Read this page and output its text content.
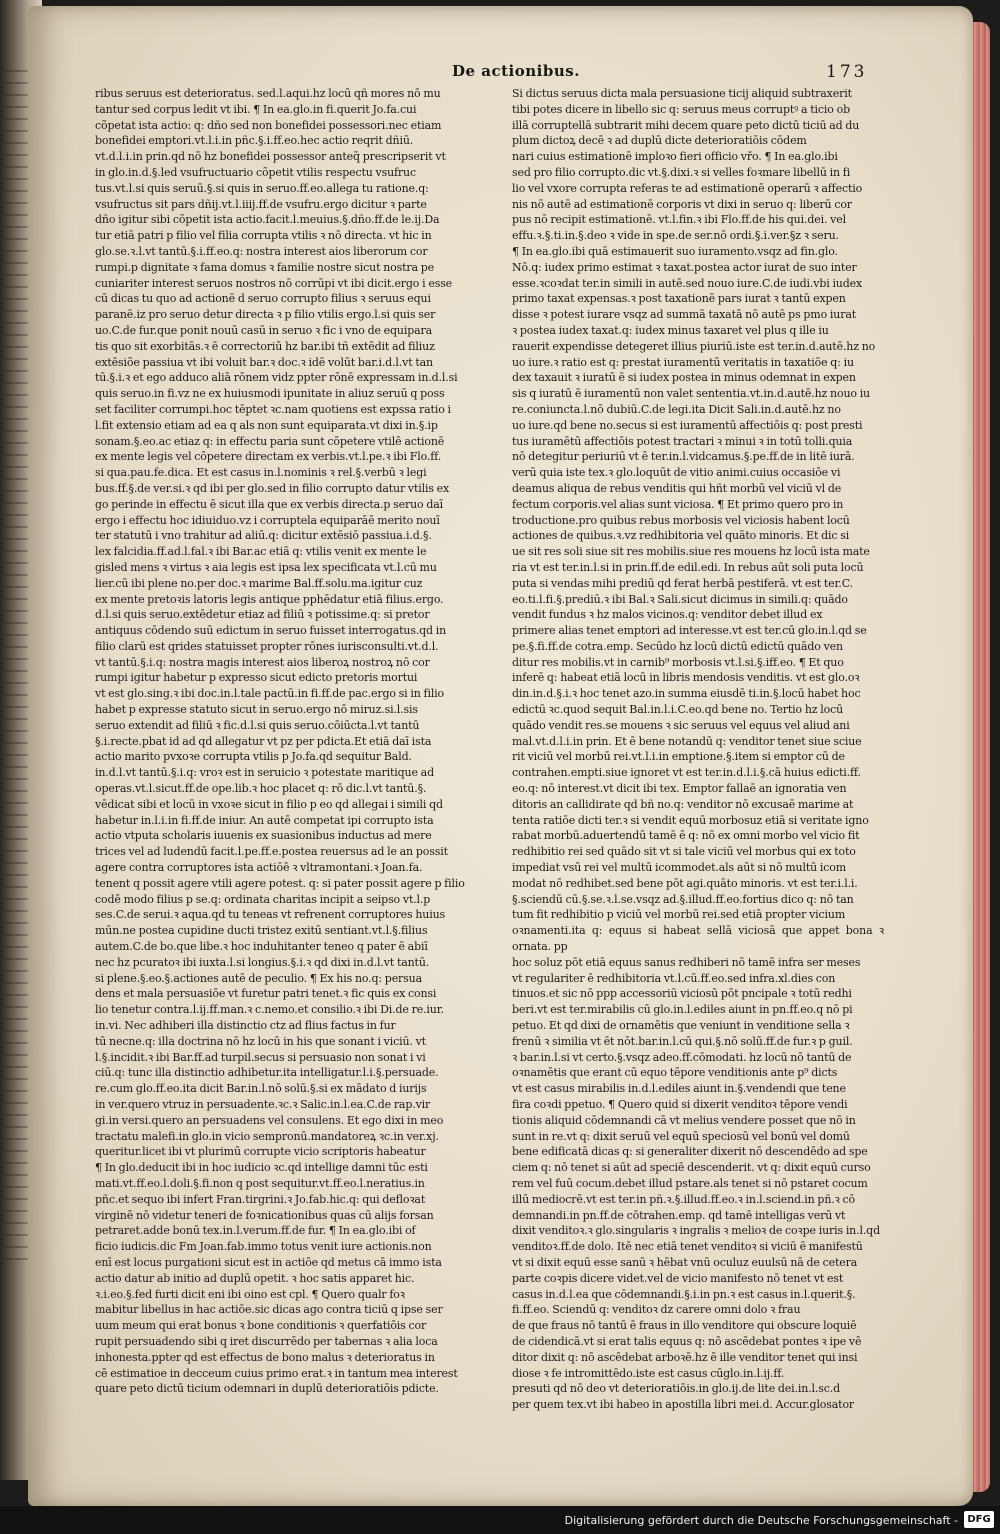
De actionibus.	173
ribus seruus est deterioratus. sed.l.aqui.hz locū qñ mores nō mu
tantur sed corpus ledit vt ibi. ¶ In ea.glo.in fi.querit Jo.fa.cui
cõpetat ista actio: q: dño sed non bonefidei possessori.nec etiam
bonefidei emptori.vt.l.i.in pñc.§.i.ff.eo.hec actio reqrit dñiū.
vt.d.l.i.in prin.qd nō hz bonefidei possessor anteq̃ prescripserit vt
in glo.in.d.§.led vsufructuario cõpetit vtilis respectu vsufruc
tus.vt.l.si quis seruū.§.si quis in seruo.ff.eo.allega tu ratione.q:
vsufructus sit pars dñij.vt.l.iiij.ff.de vsufru.ergo dicitur ꝛ parte
dño igitur sibi cõpetit ista actio.facit.l.meuius.§.dño.ff.de le.ij.Da
tur etiā patri p filio vel filia corrupta vtilis ꝛ nō directa. vt hic in
glo.se.ꝛ.l.vt tantū.§.i.ff.eo.q: nostra interest aios liberorum cor
rumpi.p dignitate ꝛ fama domus ꝛ familie nostre sicut nostra pe
cuniariter interest seruos nostros nō corrūpi vt ibi dicit.ergo i esse
cū dicas tu quo ad actionē d seruo corrupto filius ꝛ seruus equi
paranē.iz pro seruo detur directa ꝛ p filio vtilis ergo.l.si quis ser
uo.C.de fur.que ponit nouū casū in seruo ꝛ fic i vno de equipara
tis quo sit exorbitās.ꝛ ē correctoriū hz bar.ibi tñ extēdit ad filiuz
extēsiõe passiua vt ibi voluit bar.ꝛ doc.ꝛ idē volūt bar.i.d.l.vt tan
tū.§.i.ꝛ et ego adduco aliā rōnem vidz ppter rōnē expressam in.d.l.si
quis seruo.in fi.vz ne ex huiusmodi ipunitate in aliuz seruū q poss
set faciliter corrumpi.hoc tēptet ꝛc.nam quotiens est expssa ratio i
l.fit extensio etiam ad ea q als non sunt equiparata.vt dixi in.§.ip
sonam.§.eo.ac etiaz q: in effectu paria sunt cōpetere vtilē actionē
ex mente legis vel cōpetere directam ex verbis.vt.l.pe.ꝛ ibi Flo.ff.
si qua.pau.fe.dica. Et est casus in.l.nominis ꝛ rel.§.verbū ꝛ legi
bus.ff.§.de ver.si.ꝛ qd ibi per glo.sed in filio corrupto datur vtilis ex
go perinde in effectu ē sicut illa que ex verbis directa.p seruo daī
ergo i effectu hoc idiuiduo.vz i corruptela equiparāē merito nouī
ter statutū i vno trahitur ad aliū.q: dicitur extēsiō passiua.i.d.§.
lex falcidia.ff.ad.l.fal.ꝛ ibi Bar.ac etiā q: vtilis venit ex mente le
gisled mens ꝛ virtus ꝛ aia legis est ipsa lex specificata vt.l.cū mu
lier.cū ibi plene no.per doc.ꝛ marime Bal.ff.solu.ma.igitur cuz
ex mente pretoꝛis latoris legis antique pphēdatur etiā filius.ergo.
d.l.si quis seruo.extēdetur etiaz ad filiū ꝛ potissime.q: si pretor
antiquus cōdendo suū edictum in seruo fuisset interrogatus.qd in
filio clarū est qrides statuisset propter rōnes iurisconsulti.vt.d.l.
vt tantū.§.i.q: nostra magis interest aios liberoꝝ nostroꝝ nō cor
rumpi igitur habetur p expresso sicut edicto pretoris mortui
vt est glo.sing.ꝛ ibi doc.in.l.tale pactū.in fi.ff.de pac.ergo si in filio
habet p expresse statuto sicut in seruo.ergo nō miruz.si.l.sis
seruo extendit ad filiū ꝛ fic.d.l.si quis seruo.cōiūcta.l.vt tantū
§.i.recte.pbat id ad qd allegatur vt pz per pdicta.Et etiā daī ista
actio marito pvxoꝛe corrupta vtilis p Jo.fa.qd sequitur Bald.
in.d.l.vt tantū.§.i.q: vroꝛ est in seruicio ꝛ potestate maritique ad
operas.vt.l.sicut.ff.de ope.lib.ꝛ hoc placet q: rō dic.l.vt tantū.§.
vēdicat sibi et locū in vxoꝛe sicut in filio p eo qd allegai i simili qd
habetur in.l.i.in fi.ff.de iniur. An autē competat ipi corrupto ista
actio vtputa scholaris iuuenis ex suasionibus inductus ad mere
trices vel ad ludendū facit.l.pe.ff.e.postea reuersus ad le an possit
agere contra corruptores ista actiōē ꝛ vltramontani.ꝛ Joan.fa.
tenent q possit agere vtili agere potest. q: si pater possit agere p filio
codē modo filius p se.q: ordinata charitas incipit a seipso vt.l.p
ses.C.de serui.ꝛ aqua.qd tu teneas vt refrenent corruptores huius
mūn.ne postea cupidine ducti tristez exitū sentiant.vt.l.§.filius
autem.C.de bo.que libe.ꝛ hoc induhitanter teneo q pater ē abiī
nec hz pcuratoꝛ ibi iuxta.l.si longius.§.i.ꝛ qd dixi in.d.l.vt tantū.
si plene.§.eo.§.actiones autē de peculio. ¶ Ex his no.q: persua
dens et mala persuasiōe vt furetur patri tenet.ꝛ fic quis ex consi
lio tenetur contra.l.ij.ff.man.ꝛ c.nemo.et consilio.ꝛ ibi Di.de re.iur.
in.vi. Nec adhiberi illa distinctio ctz ad flius factus in fur
tū necne.q: illa doctrina nō hz locū in his que sonant i viciū. vt
l.§.incidit.ꝛ ibi Bar.ff.ad turpil.secus si persuasio non sonat i vi
ciū.q: tunc illa distinctio adhibetur.ita intelligatur.l.i.§.persuade.
re.cum glo.ff.eo.ita dicit Bar.in.l.nō solū.§.si ex mādato d iurijs
in ver.quero vtruz in persuadente.ꝛc.ꝛ Salic.in.l.ea.C.de rap.vir
gi.in versi.quero an persuadens vel consulens. Et ego dixi in meo
tractatu malefi.in glo.in vicio sempronū.mandatoreꝝ ꝛc.in ver.xj.
queritur.licet ibi vt plurimū corrupte vicio scriptoris habeatur
¶ In glo.deducit ibi in hoc iudicio ꝛc.qd intellige damni tūc esti
mati.vt.ff.eo.l.doli.§.fi.non q post sequitur.vt.ff.eo.l.neratius.in
pñc.et sequo ibi infert Fran.tirgrini.ꝛ Jo.fab.hic.q: qui defloꝛat
virginē nō videtur teneri de foꝛnicationibus quas cū alijs forsan
petraret.adde bonū tex.in.l.verum.ff.de fur. ¶ In ea.glo.ibi of
ficio iudicis.dic Fm Joan.fab.immo totus venit iure actionis.non
enī est locus purgationi sicut est in actiōe qd metus cā immo ista
actio datur ab initio ad duplū opetit. ꝛ hoc satis apparet hic.
ꝛ.i.eo.§.fed furti dicit eni ibi oino est cpl. ¶ Quero qualr foꝛ
mabitur libellus in hac actiōe.sic dicas ago contra ticiū q ipse ser
uum meum qui erat bonus ꝛ bone conditionis ꝛ querfatiōis cor
rupit persuadendo sibi q iret discurrēdo per tabernas ꝛ alia loca
inhonesta.ppter qd est effectus de bono malus ꝛ deterioratus in
cē estimatioe in decceum cuius primo erat.ꝛ in tantum mea interest
quare peto dictū ticium odemnari in duplū deterioratiōis pdicte.
Si dictus seruus dicta mala persuasione ticij aliquid subtraxerit
tibi potes dicere in libello sic q: seruus meus corruptꝰ a ticio ob
illā corruptellā subtrarit mihi decem quare peto dictū ticiū ad du
plum dictoꝝ decē ꝛ ad duplū dicte deterioratiōis cōdem
nari cuius estimationē imploꝛo fieri officio vřo. ¶ In ea.glo.ibi
sed pro filio corrupto.dic vt.§.dixi.ꝛ si velles foꝛmare libellū in fi
lio vel vxore corrupta referas te ad estimationē operarū ꝛ affectio
nis nō autē ad estimationē corporis vt dixi in seruo q: liberū cor
pus nō recipit estimationē. vt.l.fin.ꝛ ibi Flo.ff.de his qui.dei. vel
effu.ꝛ.§.ti.in.§.deo ꝛ vide in spe.de ser.nō ordi.§.i.ver.§z ꝛ seru.
¶ In ea.glo.ibi quā estimauerit suo iuramento.vsqz ad fin.glo.
Nō.q: iudex primo estimat ꝛ taxat.postea actor iurat de suo inter
esse.ꝛcoꝛdat ter.in simili in autē.sed nouo iure.C.de iudi.vbi iudex
primo taxat expensas.ꝛ post taxationē pars iurat ꝛ tantū expen
disse ꝛ potest iurare vsqz ad summā taxatā nō autē ps pmo iurat
ꝛ postea iudex taxat.q: iudex minus taxaret vel plus q ille iu
rauerit expendisse detegeret illius piuriū.iste est ter.in.d.autē.hz no
uo iure.ꝛ ratio est q: prestat iuramentū veritatis in taxatiōe q: iu
dex taxauit ꝛ iuratū ē si iudex postea in minus odemnat in expen
sis q iuratū ē iuramentū non valet sententia.vt.in.d.autē.hz nouo iu
re.coniuncta.l.nō dubiū.C.de legi.ita Dicit Sali.in.d.autē.hz no
uo iure.qd bene no.secus si est iuramentū affectiōis q: post presti
tus iuramētū affectiōis potest tractari ꝛ minui ꝛ in totū tolli.quia
nō detegitur periuriū vt ē ter.in.l.vidcamus.§.pe.ff.de in litē iurā.
verū quia iste tex.ꝛ glo.loquūt de vitio animi.cuius occasiōe vi
deamus aliqua de rebus venditis qui hñt morbū vel viciū vl de
fectum corporis.vel alias sunt viciosa. ¶ Et primo quero pro in
troductione.pro quibus rebus morbosis vel viciosis habent locū
actiones de quibus.ꝛ.vz redhibitoria vel quāto minoris. Et dic si
ue sit res soli siue sit res mobilis.siue res mouens hz locū ista mate
ria vt est ter.in.l.si in prin.ff.de edil.edi. In rebus aūt soli puta locū
puta si vendas mihi prediū qd ferat herbā pestiferā. vt est ter.C.
eo.ti.l.fi.§.prediū.ꝛ ibi Bal.ꝛ Sali.sicut dicimus in simili.q: quādo
vendit fundus ꝛ hz malos vicinos.q: venditor debet illud ex
primere alias tenet emptori ad interesse.vt est ter.cū glo.in.l.qd se
pe.§.fi.ff.de cotra.emp. Secūdo hz locū dictū edictū quādo ven
ditur res mobilis.vt in carnib⁹ morbosis vt.l.si.§.iff.eo. ¶ Et quo
inferē q: habeat etiā locū in libris mendosis venditis. vt est glo.oꝛ
din.in.d.§.i.ꝛ hoc tenet azo.in summa eiusdē ti.in.§.locū habet hoc
edictū ꝛc.quod sequit Bal.in.l.i.C.eo.qd bene no. Tertio hz locū
quādo vendit res.se mouens ꝛ sic seruus vel equus vel aliud ani
mal.vt.d.l.i.in prin. Et ē bene notandū q: venditor tenet siue sciue
rit viciū vel morbū rei.vt.l.i.in emptione.§.item si emptor cū de
contrahen.empti.siue ignoret vt est ter.in.d.l.i.§.cā huius edicti.ff.
eo.q: nō interest.vt dicit ibi tex. Emptor fallaē an ignoratia ven
ditoris an callidirate qd bñ no.q: venditor nō excusaē marime at
tenta ratiōe dicti ter.ꝛ si vendit equū morbosuz etiā si veritate igno
rabat morbū.aduertendū tamē ē q: nō ex omni morbo vel vicio fit
redhibitio rei sed quādo sit vt si tale viciū vel morbus qui ex toto
impediat vsū rei vel multū icommodet.als aūt si nō multū icom
modat nō redhibet.sed bene pōt agi.quāto minoris. vt est ter.i.l.i.
§.sciendū cū.§.se.ꝛ.l.se.vsqz ad.§.illud.ff.eo.fortius dico q: nō tan
tum fit redhibitio p viciū vel morbū rei.sed etiā propter vicium
oꝛnamenti.ita q: equus si habeat sellā viciosā que appet bona ꝛ ornata. pp
hoc soluz pōt etiā equus sanus redhiberi nō tamē infra ser meses
vt regulariter ē redhibitoria vt.l.cū.ff.eo.sed infra.xl.dies con
tinuos.et sic nō ppp accessoriū viciosū pōt pncipale ꝛ totū redhi
beri.vt est ter.mirabilis cū glo.in.l.ediles aiunt in pn.ff.eo.q nō pi
petuo. Et qd dixi de ornamētis que veniunt in venditione sella ꝛ
frenū ꝛ similia vt ēt nōt.bar.in.l.cū qui.§.nō solū.ff.de fur.ꝛ p guil.
ꝛ bar.in.l.si vt certo.§.vsqz adeo.ff.cōmodati. hz locū nō tantū de
oꝛnamētis que erant cū equo tēpore venditionis ante p⁹ dicts
vt est casus mirabilis in.d.l.ediles aiunt in.§.vendendi que tene
fira coꝛdi ppetuo. ¶ Quero quid si dixerit venditoꝛ tēpore vendi
tionis aliquid cōdemnandi cā vt melius vendere posset que nō in
sunt in re.vt q: dixit seruū vel equū speciosū vel bonū vel domū
bene edificatā dicas q: si generaliter dixerit nō descendēdo ad spe
ciem q: nō tenet si aūt ad speciē descenderit. vt q: dixit equū curso
rem vel fuū cocum.debet illud pstare.als tenet si nō pstaret cocum
illū mediocrē.vt est ter.in pñ.ꝛ.§.illud.ff.eo.ꝛ in.l.sciend.in pñ.ꝛ cō
demnandi.in pn.ff.de cōtrahen.emp. qd tamē intelligas verū vt
dixit venditoꝛ.ꝛ glo.singularis ꝛ ingralis ꝛ melioꝛ de coꝛpe iuris in.l.qd
venditoꝛ.ff.de dolo. Itē nec etiā tenet venditoꝛ si viciū ē manifestū
vt si dixit equū esse sanū ꝛ hēbat vnū oculuz euulsū nā de cetera
parte coꝛpis dicere videt.vel de vicio manifesto nō tenet vt est
casus in.d.l.ea que cōdemnandi.§.i.in pn.ꝛ est casus in.l.querit.§.
fi.ff.eo. Sciendū q: venditoꝛ dz carere omni dolo ꝛ frau
de que fraus nō tantū ē fraus in illo venditore qui obscure loquiē
de cidendicā.vt si erat talis equus q: nō ascēdebat pontes ꝛ ipe vē
ditor dixit q: nō ascēdebat arboꝛē.hz ē ille venditor tenet qui insi
diose ꝛ fe intromittēdo.iste est casus cūglo.in.l.ij.ff.
presuti qd nō deo vt deterioratiōis.in glo.ij.de lite dei.in.l.sc.d
per quem tex.vt ibi habeo in apostilla libri mei.d. Accur.glosator
Digitalisierung gefördert durch die Deutsche Forschungsgemeinschaft - DFG
